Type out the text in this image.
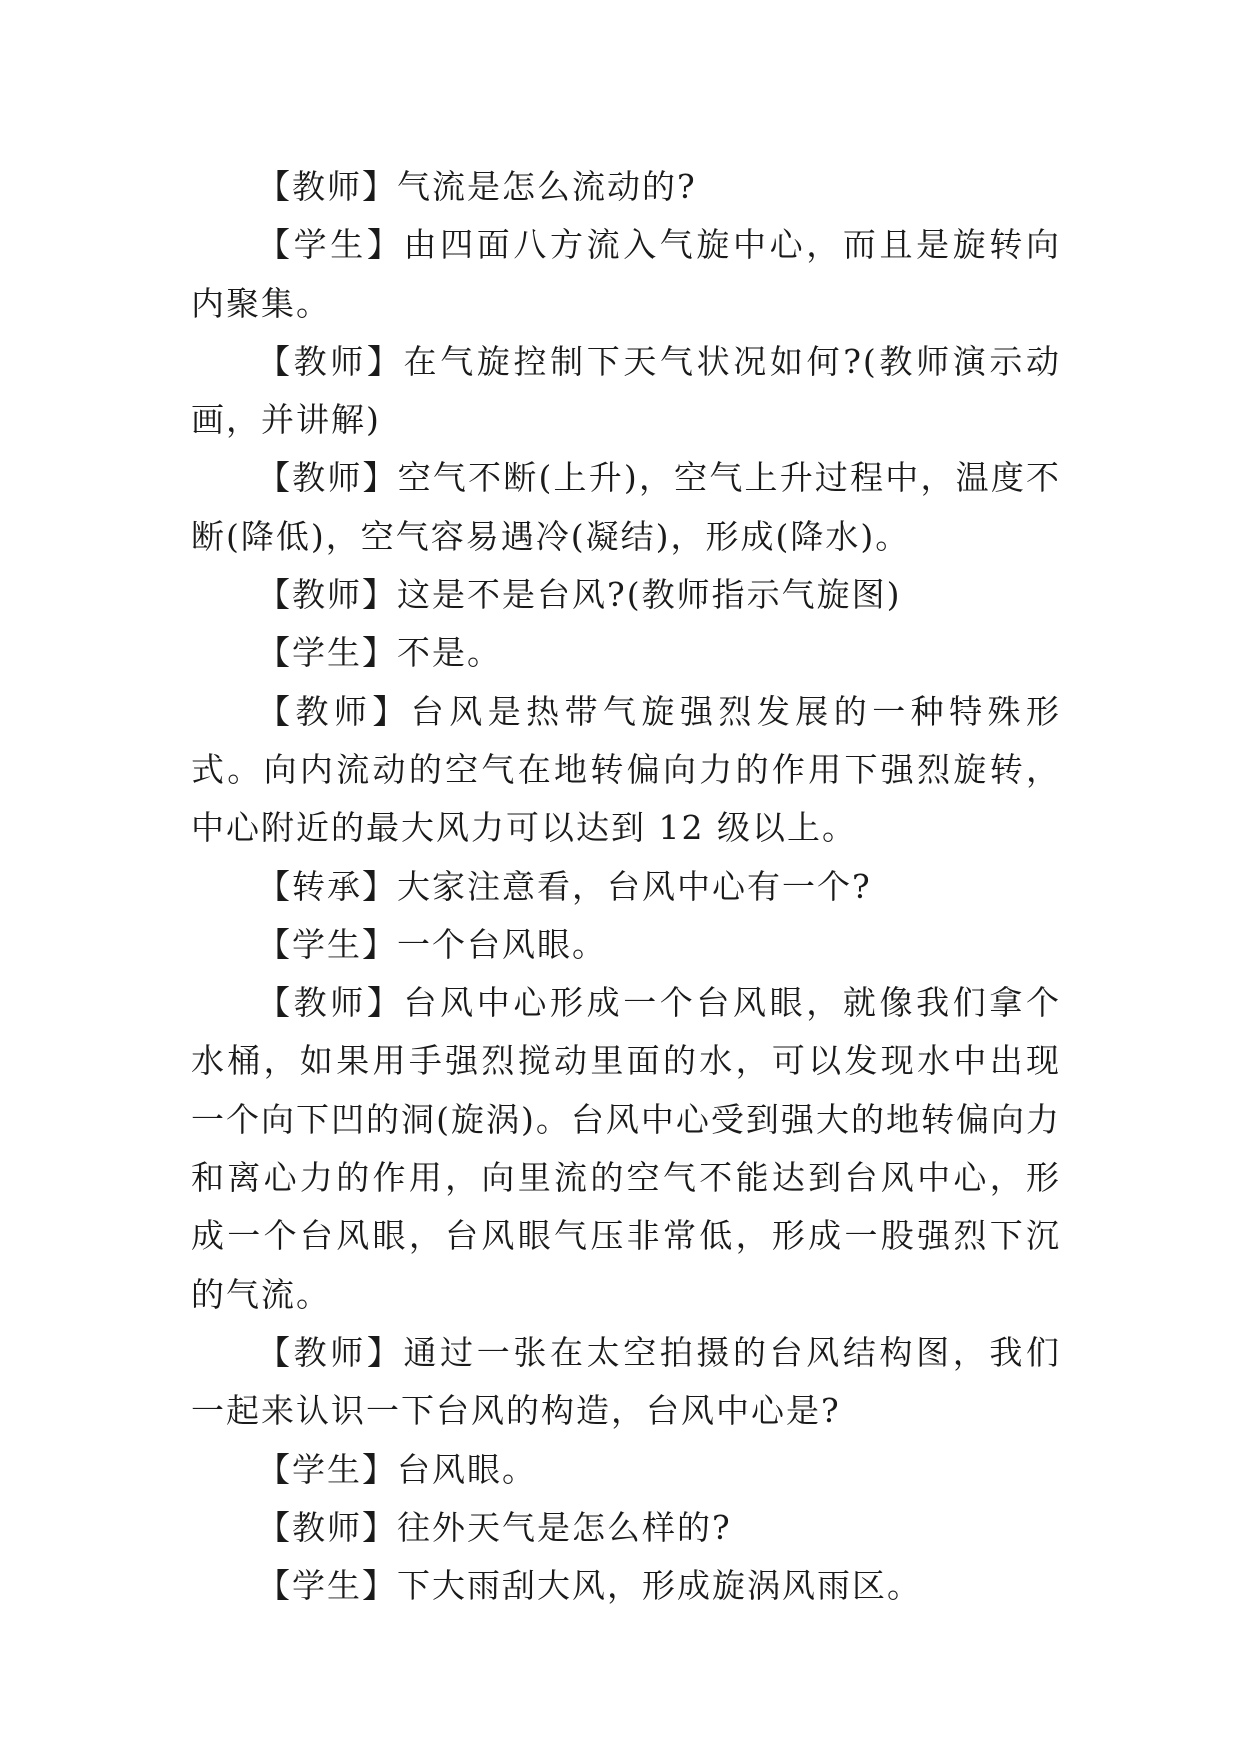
【教师】气流是怎么流动的?

【学生】由四面八方流入气旋中心，而且是旋转向内聚集。

【教师】在气旋控制下天气状况如何?(教师演示动画，并讲解)

【教师】空气不断(上升)，空气上升过程中，温度不断(降低)，空气容易遇冷(凝结)，形成(降水)。

【教师】这是不是台风?(教师指示气旋图)

【学生】不是。

【教师】台风是热带气旋强烈发展的一种特殊形式。向内流动的空气在地转偏向力的作用下强烈旋转，中心附近的最大风力可以达到 12 级以上。

【转承】大家注意看，台风中心有一个?

【学生】一个台风眼。

【教师】台风中心形成一个台风眼，就像我们拿个水桶，如果用手强烈搅动里面的水，可以发现水中出现一个向下凹的洞(旋涡)。台风中心受到强大的地转偏向力和离心力的作用，向里流的空气不能达到台风中心，形成一个台风眼，台风眼气压非常低，形成一股强烈下沉的气流。

【教师】通过一张在太空拍摄的台风结构图，我们一起来认识一下台风的构造，台风中心是?

【学生】台风眼。

【教师】往外天气是怎么样的?

【学生】下大雨刮大风，形成旋涡风雨区。
